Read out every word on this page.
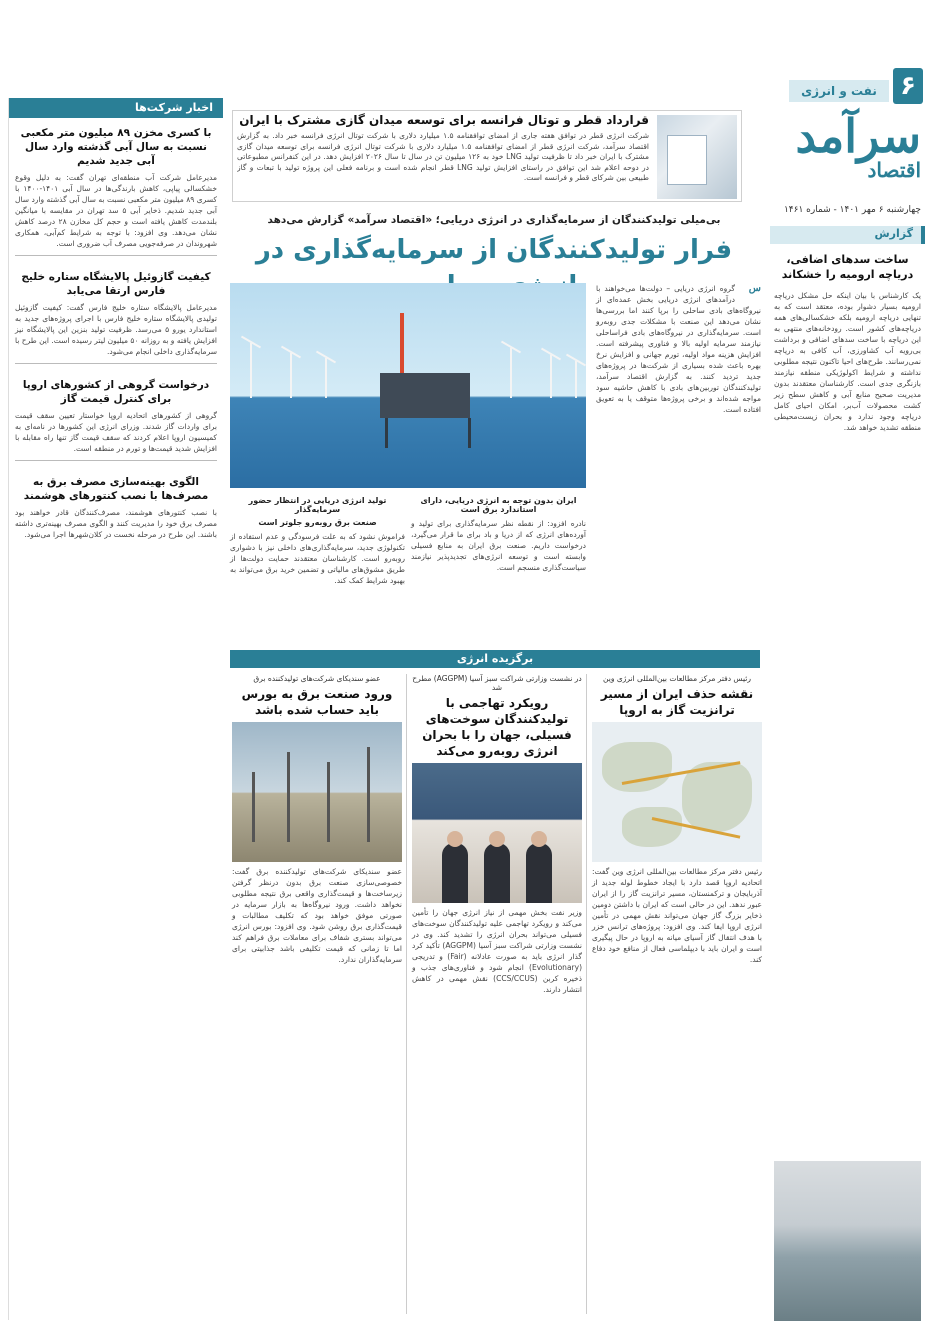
۶
نفت و انرژی
سرآمد
اقتصاد
چهارشنبه ۶ مهر ۱۴۰۱ - شماره ۱۴۶۱
قرارداد قطر و توتال فرانسه برای توسعه میدان گازی مشترک با ایران
شرکت انرژی قطر در توافق هفته جاری از امضای توافقنامه ۱.۵ میلیارد دلاری با شرکت توتال انرژی فرانسه خبر داد. به گزارش اقتصاد سرآمد، شرکت انرژی قطر از امضای توافقنامه ۱.۵ میلیارد دلاری با شرکت توتال انرژی فرانسه برای توسعه میدان گازی مشترک با ایران خبر داد تا ظرفیت تولید LNG خود به ۱۲۶ میلیون تن در سال تا سال ۲۰۲۶ افزایش دهد. در این کنفرانس مطبوعاتی در دوحه اعلام شد این توافق در راستای افزایش تولید LNG قطر انجام شده است و برنامه فعلی این پروژه تولید با تبعات و گاز طبیعی بین شرکای قطر و فرانسه است.
اخبار شرکت‌ها
با کسری مخزن ۸۹ میلیون متر مکعبی نسبت به سال آبی گذشته وارد سال آبی جدید شدیم

مدیرعامل شرکت آب منطقه‌ای تهران گفت: به دلیل وقوع خشکسالی پیاپی، کاهش بارندگی‌ها در سال آبی ۱۴۰۱-۱۴۰۰ با کسری ۸۹ میلیون متر مکعبی نسبت به سال آبی گذشته وارد سال آبی جدید شدیم. ذخایر آبی ۵ سد تهران در مقایسه با میانگین بلندمدت کاهش یافته است و حجم کل مخازن ۲۸ درصد کاهش نشان می‌دهد. وی افزود: با توجه به شرایط کم‌آبی، همکاری شهروندان در صرفه‌جویی مصرف آب ضروری است.

کیفیت گازوئیل پالایشگاه ستاره خلیج فارس ارتقا می‌یابد

مدیرعامل پالایشگاه ستاره خلیج فارس گفت: کیفیت گازوئیل تولیدی پالایشگاه ستاره خلیج فارس با اجرای پروژه‌های جدید به استاندارد یورو ۵ می‌رسد. ظرفیت تولید بنزین این پالایشگاه نیز افزایش یافته و به روزانه ۵۰ میلیون لیتر رسیده است. این طرح با سرمایه‌گذاری داخلی انجام می‌شود.

درخواست گروهی از کشورهای اروپا برای کنترل قیمت گاز

گروهی از کشورهای اتحادیه اروپا خواستار تعیین سقف قیمت برای واردات گاز شدند. وزرای انرژی این کشورها در نامه‌ای به کمیسیون اروپا اعلام کردند که سقف قیمت گاز تنها راه مقابله با افزایش شدید قیمت‌ها و تورم در منطقه است.

الگوی بهینه‌سازی مصرف برق به مصرف‌ها با نصب کنتورهای هوشمند

با نصب کنتورهای هوشمند، مصرف‌کنندگان قادر خواهند بود مصرف برق خود را مدیریت کنند و الگوی مصرف بهینه‌تری داشته باشند. این طرح در مرحله نخست در کلان‌شهرها اجرا می‌شود.

گزارش
ساخت سدهای اضافی، دریاچه ارومیه را خشکاند

یک کارشناس با بیان اینکه حل مشکل دریاچه ارومیه بسیار دشوار بوده، معتقد است که به تنهایی دریاچه ارومیه بلکه خشکسالی‌های همه دریاچه‌های کشور است. رودخانه‌های منتهی به این دریاچه با ساخت سدهای اضافی و برداشت بی‌رویه آب کشاورزی، آب کافی به دریاچه نمی‌رسانند. طرح‌های احیا تاکنون نتیجه مطلوبی نداشته و شرایط اکولوژیکی منطقه نیازمند بازنگری جدی است. کارشناسان معتقدند بدون مدیریت صحیح منابع آبی و کاهش سطح زیر کشت محصولات آب‌بر، امکان احیای کامل دریاچه وجود ندارد و بحران زیست‌محیطی منطقه تشدید خواهد شد.

بی‌میلی تولیدکنندگان از سرمایه‌گذاری در انرژی دریایی؛ «اقتصاد سرآمد» گزارش می‌دهد
فرار تولیدکنندگان از سرمایه‌گذاری در
س

گروه انرژی دریایی – دولت‌ها می‌خواهند با درآمدهای انرژی دریایی بخش عمده‌ای از نیروگاه‌های بادی ساحلی را برپا کنند اما بررسی‌ها نشان می‌دهد این صنعت با مشکلات جدی روبه‌رو است. سرمایه‌گذاری در نیروگاه‌های بادی فراساحلی نیازمند سرمایه اولیه بالا و فناوری پیشرفته است. افزایش هزینه مواد اولیه، تورم جهانی و افزایش نرخ بهره باعث شده بسیاری از شرکت‌ها در پروژه‌های جدید تردید کنند. به گزارش اقتصاد سرآمد، تولیدکنندگان توربین‌های بادی با کاهش حاشیه سود مواجه شده‌اند و برخی پروژه‌ها متوقف یا به تعویق افتاده است.

ایران بدون توجه به انرژی دریایی، دارای استاندارد برق است

نادره افزود: از نقطه نظر سرمایه‌گذاری برای تولید و آورده‌های انرژی که از دریا و باد برای ما قرار می‌گیرد، درخواست داریم. صنعت برق ایران به منابع فسیلی وابسته است و توسعه انرژی‌های تجدیدپذیر نیازمند سیاست‌گذاری منسجم است.

تولید انرژی دریایی در انتظار حضور سرمایه‌گذار
صنعت برق روبه‌رو جلوتر است

فراموش نشود که به علت فرسودگی و عدم استفاده از تکنولوژی جدید، سرمایه‌گذاری‌های داخلی نیز با دشواری روبه‌رو است. کارشناسان معتقدند حمایت دولت‌ها از طریق مشوق‌های مالیاتی و تضمین خرید برق می‌تواند به بهبود شرایط کمک کند.

برگزیده انرژی
رئیس دفتر مرکز مطالعات بین‌المللی انرژی وین
نقشه حذف ایران از مسیر ترانزیت گاز به اروپا

رئیس دفتر مرکز مطالعات بین‌المللی انرژی وین گفت: اتحادیه اروپا قصد دارد با ایجاد خطوط لوله جدید از آذربایجان و ترکمنستان، مسیر ترانزیت گاز را از ایران عبور ندهد. این در حالی است که ایران با داشتن دومین ذخایر بزرگ گاز جهان می‌تواند نقش مهمی در تأمین انرژی اروپا ایفا کند. وی افزود: پروژه‌های ترانس خزر با هدف انتقال گاز آسیای میانه به اروپا در حال پیگیری است و ایران باید با دیپلماسی فعال از منافع خود دفاع کند.

در نشست وزارتی شراکت سبز آسیا (AGGPM) مطرح شد
رویکرد تهاجمی با تولیدکنندگان سوخت‌های فسیلی، جهان را با بحران انرژی روبه‌رو می‌کند

وزیر نفت بخش مهمی از نیاز انرژی جهان را تأمین می‌کند و رویکرد تهاجمی علیه تولیدکنندگان سوخت‌های فسیلی می‌تواند بحران انرژی را تشدید کند. وی در نشست وزارتی شراکت سبز آسیا (AGGPM) تأکید کرد گذار انرژی باید به صورت عادلانه (Fair) و تدریجی (Evolutionary) انجام شود و فناوری‌های جذب و ذخیره کربن (CCS/CCUS) نقش مهمی در کاهش انتشار دارند.

عضو سندیکای شرکت‌های تولید‌کننده برق
ورود صنعت برق به بورس باید حساب شده باشد

عضو سندیکای شرکت‌های تولیدکننده برق گفت: خصوصی‌سازی صنعت برق بدون درنظر گرفتن زیرساخت‌ها و قیمت‌گذاری واقعی برق نتیجه مطلوبی نخواهد داشت. ورود نیروگاه‌ها به بازار سرمایه در صورتی موفق خواهد بود که تکلیف مطالبات و قیمت‌گذاری برق روشن شود. وی افزود: بورس انرژی می‌تواند بستری شفاف برای معاملات برق فراهم کند اما تا زمانی که قیمت تکلیفی باشد جذابیتی برای سرمایه‌گذاران ندارد.
